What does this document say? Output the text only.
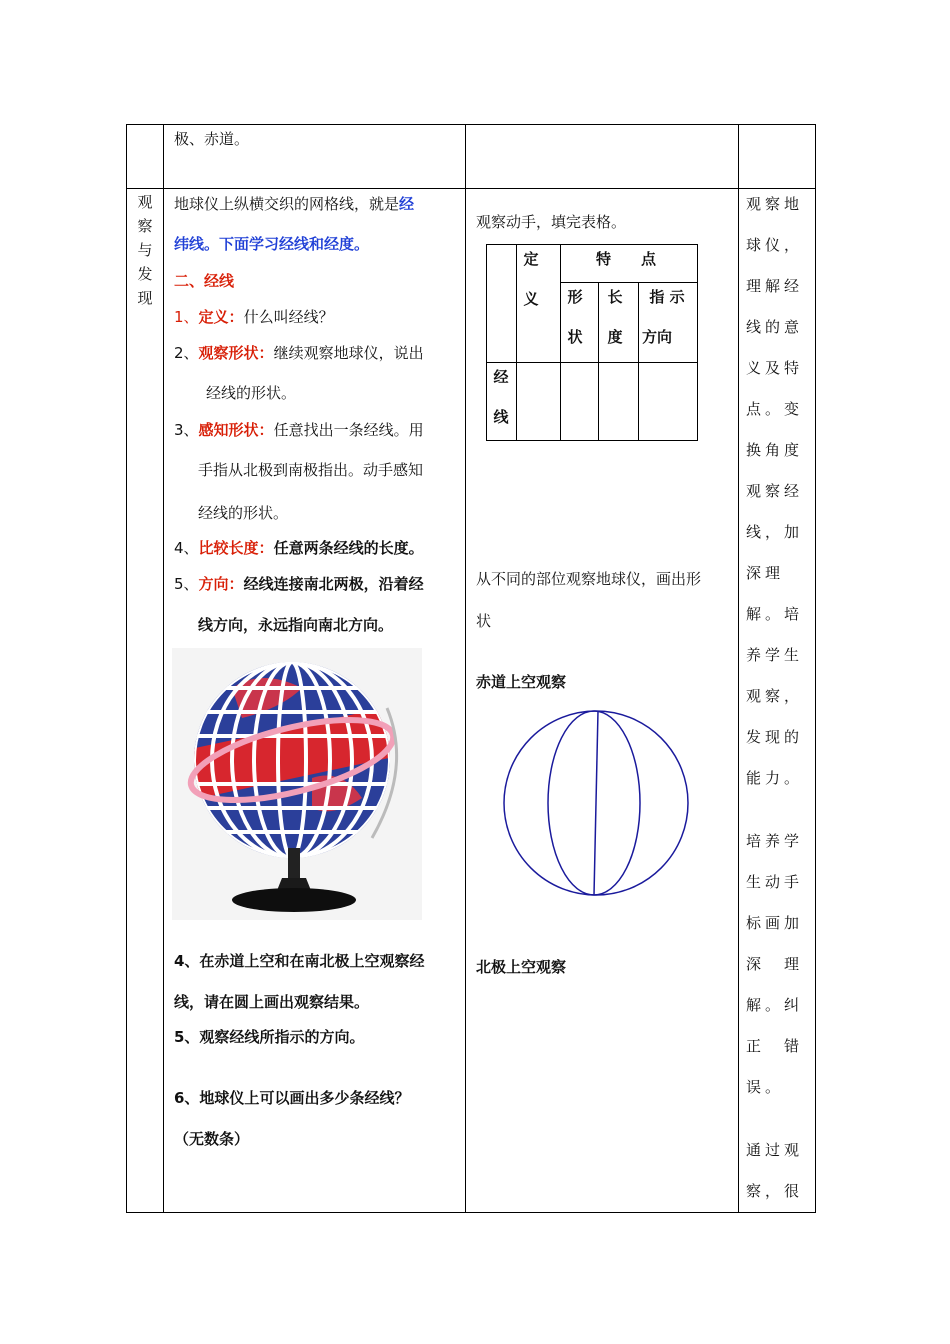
极、赤道。
观察与发现
地球仪上纵横交织的网格线，就是经
纬线。下面学习经线和经度。
二、经线
1、定义：什么叫经线？
2、观察形状：继续观察地球仪，说出
经线的形状。
3、感知形状：任意找出一条经线。用
手指从北极到南极指出。动手感知
经线的形状。
4、比较长度：任意两条经线的长度。
5、方向：经线连接南北两极，沿着经
线方向，永远指向南北方向。
4、在赤道上空和在南北极上空观察经
线，请在圆上画出观察结果。
5、观察经线所指示的方向。
6、地球仪上可以画出多少条经线？
（无数条）
观察动手，填完表格。
定
义
特　　点
形
状
长
度
指 示
方向
经
线
从不同的部位观察地球仪，画出形
状
赤道上空观察
北极上空观察

观察地球仪，理解经线的意义及特点。变换角度观察经线，加深理解。培养学生观察，发现的能力。

培养学生动手标画加深　理解。纠正　错误。

通过观察，很
